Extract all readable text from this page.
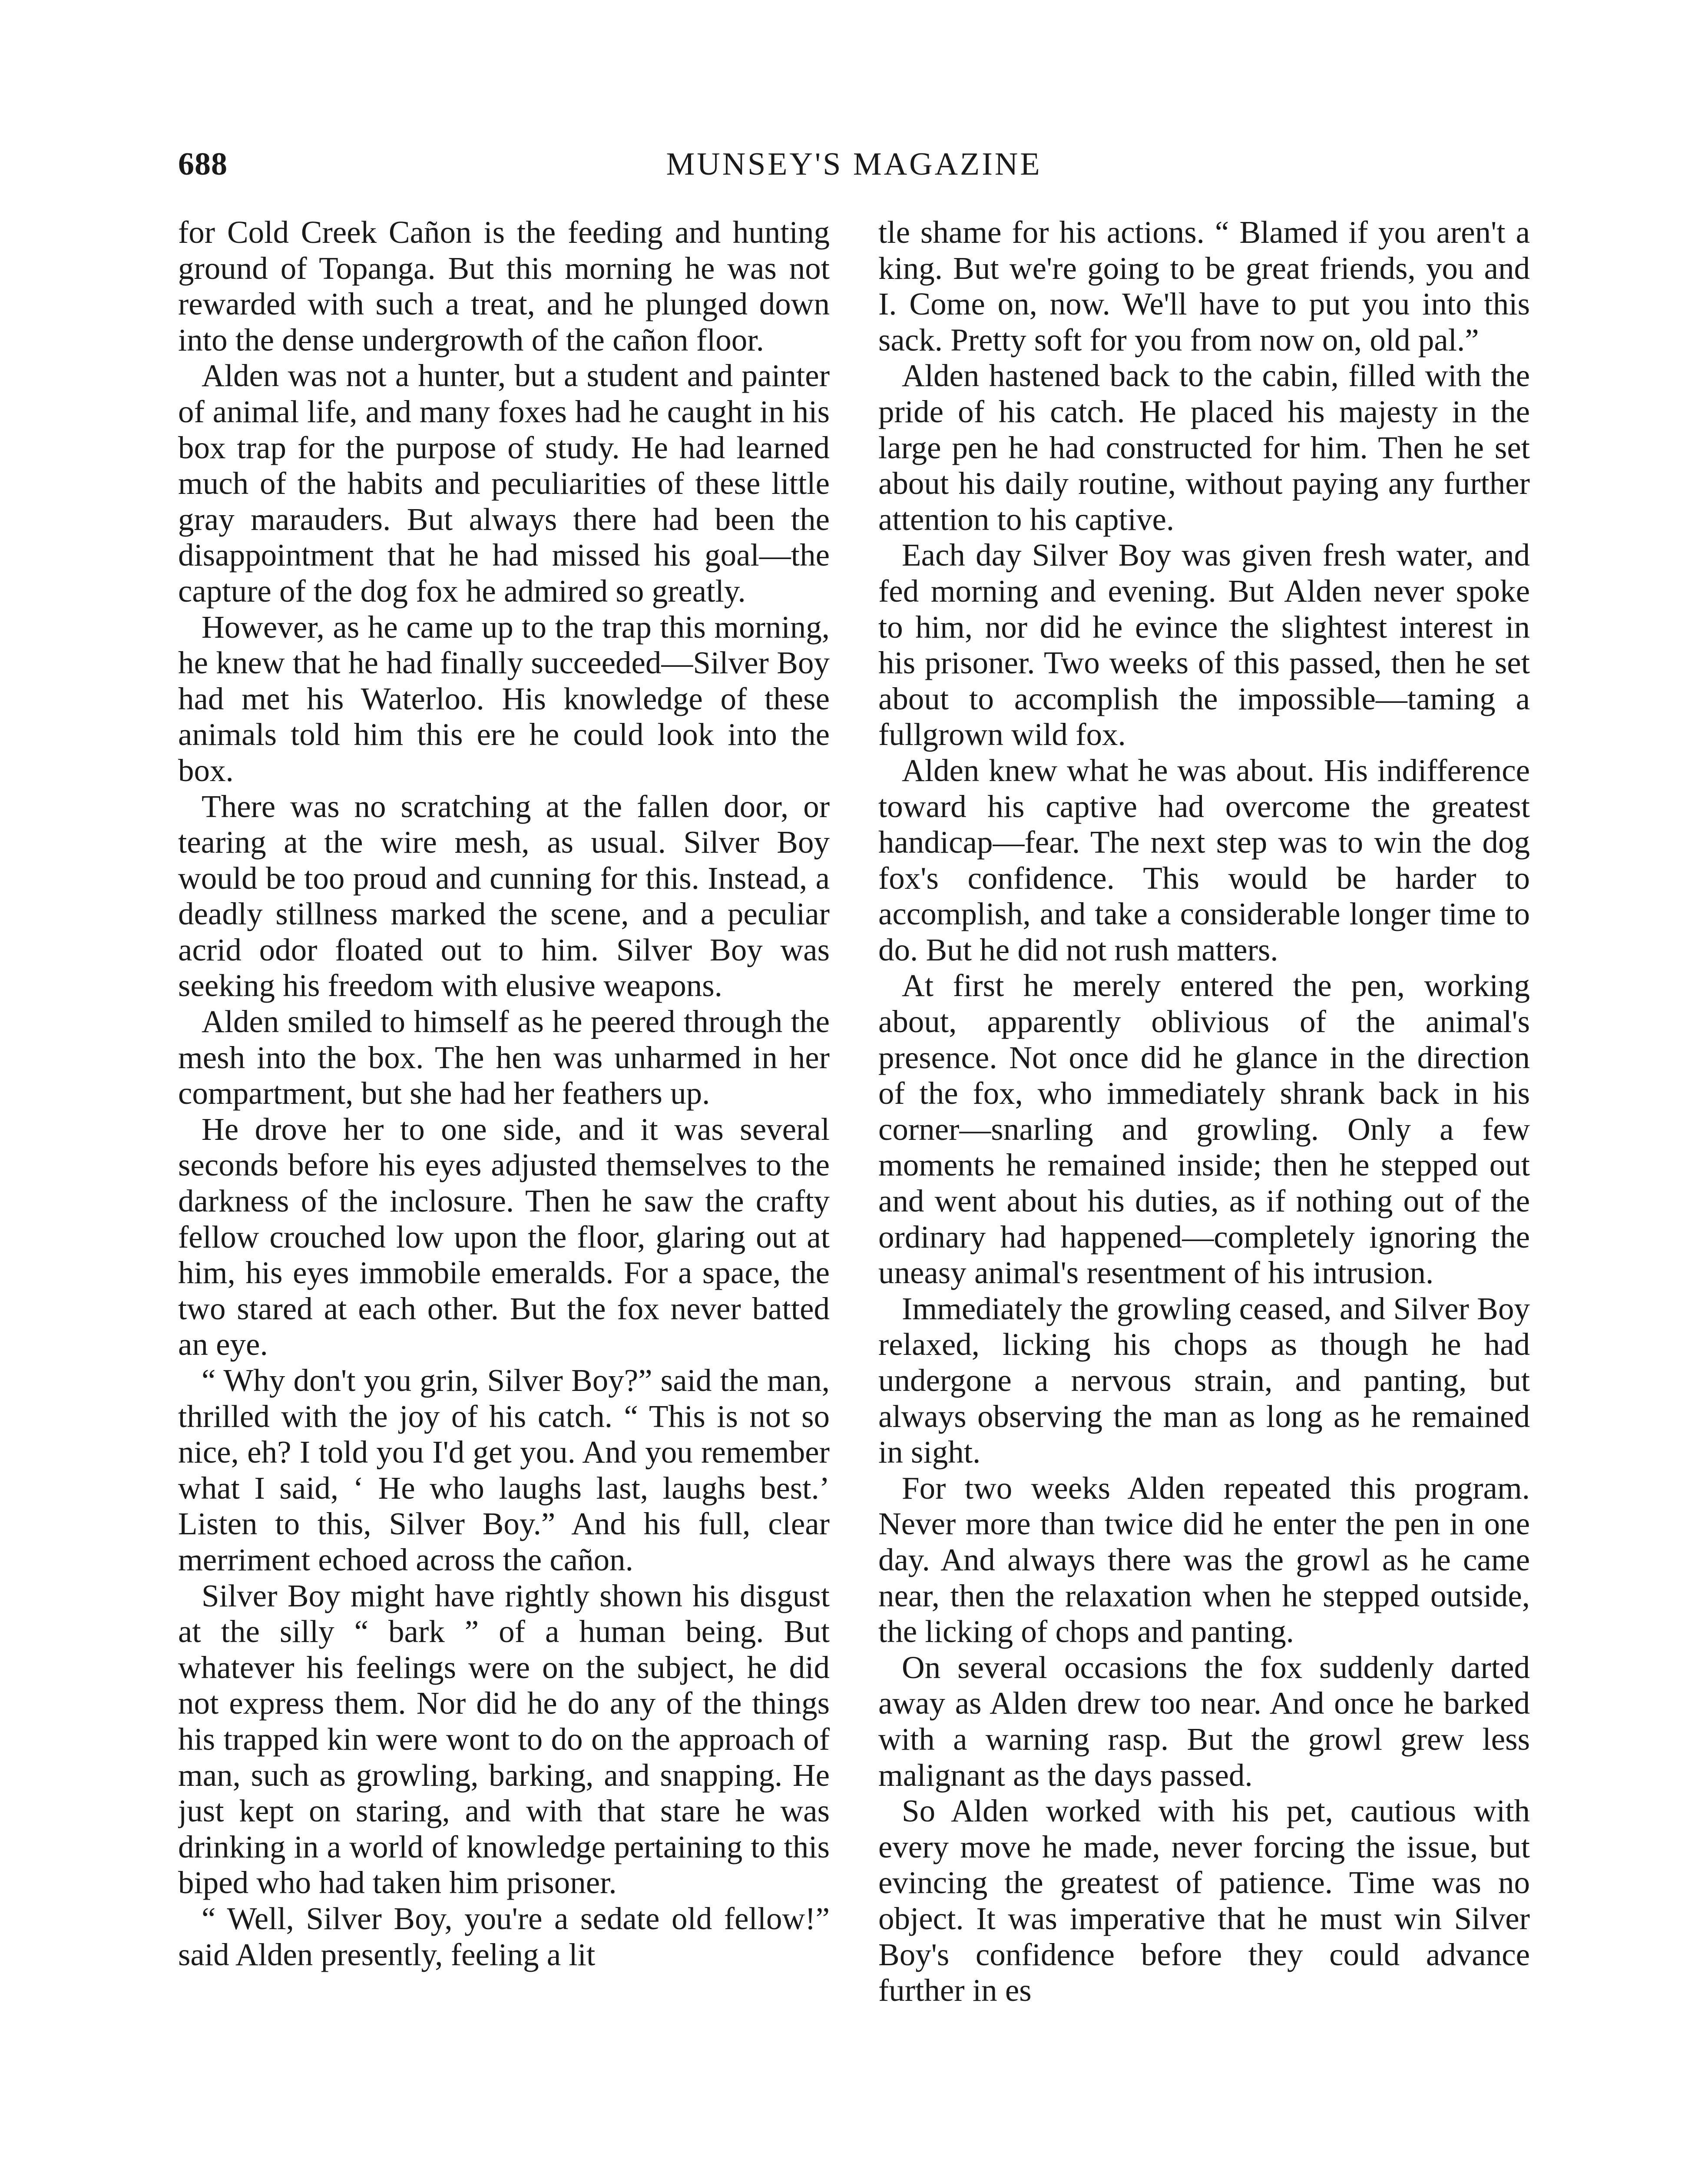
688	MUNSEY'S MAGAZINE

for Cold Creek Cañon is the feeding and hunting ground of Topanga. But this morning he was not rewarded with such a treat, and he plunged down into the dense undergrowth of the cañon floor.

Alden was not a hunter, but a student and painter of animal life, and many foxes had he caught in his box trap for the purpose of study. He had learned much of the habits and peculiarities of these little gray marauders. But always there had been the disappointment that he had missed his goal—the capture of the dog fox he admired so greatly.

However, as he came up to the trap this morning, he knew that he had finally succeeded—Silver Boy had met his Waterloo. His knowledge of these animals told him this ere he could look into the box.

There was no scratching at the fallen door, or tearing at the wire mesh, as usual. Silver Boy would be too proud and cunning for this. Instead, a deadly stillness marked the scene, and a peculiar acrid odor floated out to him. Silver Boy was seeking his freedom with elusive weapons.

Alden smiled to himself as he peered through the mesh into the box. The hen was unharmed in her compartment, but she had her feathers up.

He drove her to one side, and it was several seconds before his eyes adjusted themselves to the darkness of the inclosure. Then he saw the crafty fellow crouched low upon the floor, glaring out at him, his eyes immobile emeralds. For a space, the two stared at each other. But the fox never batted an eye.

“ Why don't you grin, Silver Boy?” said the man, thrilled with the joy of his catch. “ This is not so nice, eh? I told you I'd get you. And you remember what I said, ‘ He who laughs last, laughs best.’ Listen to this, Silver Boy.” And his full, clear merriment echoed across the cañon.

Silver Boy might have rightly shown his disgust at the silly “ bark ” of a human being. But whatever his feelings were on the subject, he did not express them. Nor did he do any of the things his trapped kin were wont to do on the approach of man, such as growling, barking, and snapping. He just kept on staring, and with that stare he was drinking in a world of knowledge pertaining to this biped who had taken him prisoner.

“ Well, Silver Boy, you're a sedate old fellow!” said Alden presently, feeling a lit

tle shame for his actions. “ Blamed if you aren't a king. But we're going to be great friends, you and I. Come on, now. We'll have to put you into this sack. Pretty soft for you from now on, old pal.”

Alden hastened back to the cabin, filled with the pride of his catch. He placed his majesty in the large pen he had constructed for him. Then he set about his daily routine, without paying any further attention to his captive.

Each day Silver Boy was given fresh water, and fed morning and evening. But Alden never spoke to him, nor did he evince the slightest interest in his prisoner. Two weeks of this passed, then he set about to accomplish the impossible—taming a fullgrown wild fox.

Alden knew what he was about. His indifference toward his captive had overcome the greatest handicap—fear. The next step was to win the dog fox's confidence. This would be harder to accomplish, and take a considerable longer time to do. But he did not rush matters.

At first he merely entered the pen, working about, apparently oblivious of the animal's presence. Not once did he glance in the direction of the fox, who immediately shrank back in his corner—snarling and growling. Only a few moments he remained inside; then he stepped out and went about his duties, as if nothing out of the ordinary had happened—completely ignoring the uneasy animal's resentment of his intrusion.

Immediately the growling ceased, and Silver Boy relaxed, licking his chops as though he had undergone a nervous strain, and panting, but always observing the man as long as he remained in sight.

For two weeks Alden repeated this program. Never more than twice did he enter the pen in one day. And always there was the growl as he came near, then the relaxation when he stepped outside, the licking of chops and panting.

On several occasions the fox suddenly darted away as Alden drew too near. And once he barked with a warning rasp. But the growl grew less malignant as the days passed.

So Alden worked with his pet, cautious with every move he made, never forcing the issue, but evincing the greatest of patience. Time was no object. It was imperative that he must win Silver Boy's confidence before they could advance further in es
